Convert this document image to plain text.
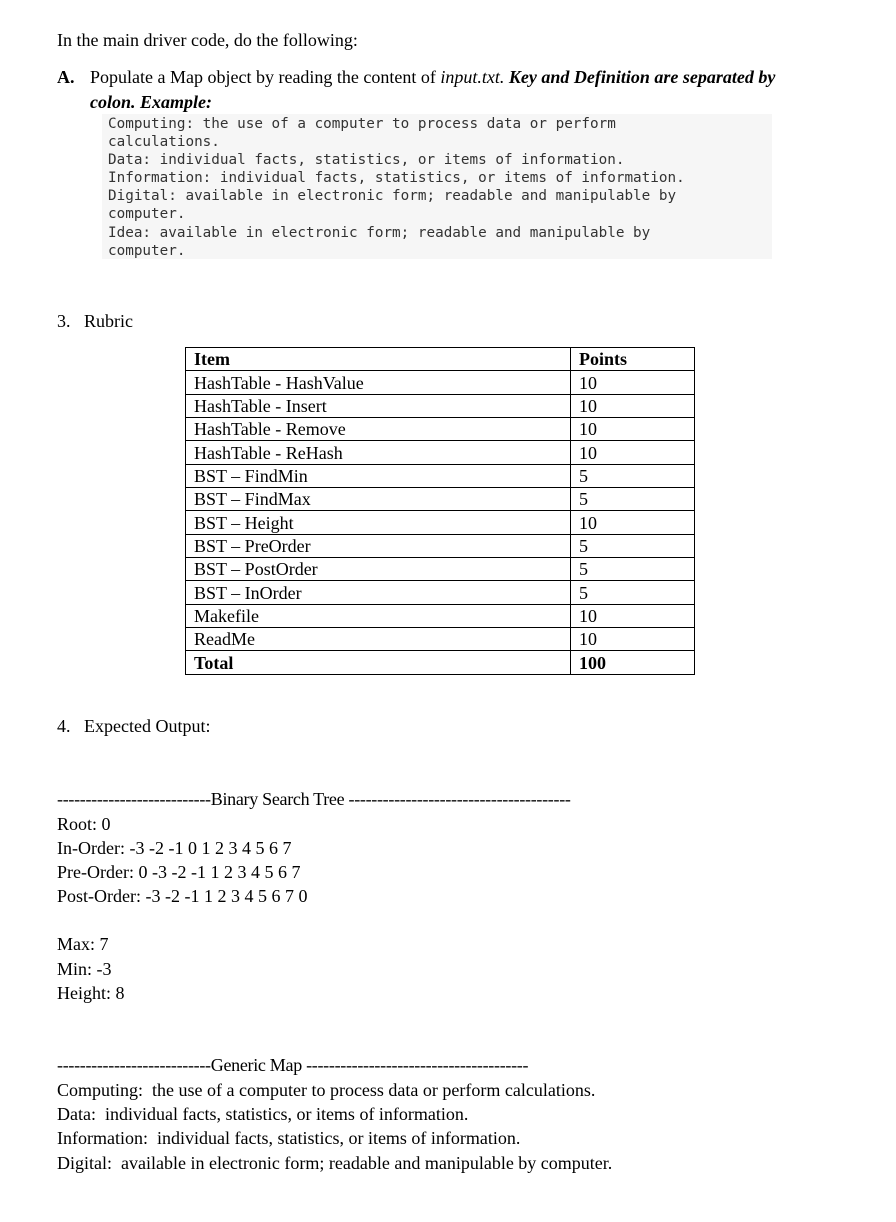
In the main driver code, do the following:
A. Populate a Map object by reading the content of input.txt. Key and Definition are separated by
colon. Example:
Computing: the use of a computer to process data or perform
calculations.
Data: individual facts, statistics, or items of information.
Information: individual facts, statistics, or items of information.
Digital: available in electronic form; readable and manipulable by
computer.
Idea: available in electronic form; readable and manipulable by
computer.
3. Rubric
Item	Points
HashTable - HashValue	10
HashTable - Insert	10
HashTable - Remove	10
HashTable - ReHash	10
BST – FindMin	5
BST – FindMax	5
BST – Height	10
BST – PreOrder	5
BST – PostOrder	5
BST – InOrder	5
Makefile	10
ReadMe	10
Total	100
4. Expected Output:
---------------------------Binary Search Tree ---------------------------------------
Root: 0
In-Order: -3 -2 -1 0 1 2 3 4 5 6 7
Pre-Order: 0 -3 -2 -1 1 2 3 4 5 6 7
Post-Order: -3 -2 -1 1 2 3 4 5 6 7 0
Max: 7
Min: -3
Height: 8
---------------------------Generic Map ---------------------------------------
Computing:  the use of a computer to process data or perform calculations.
Data:  individual facts, statistics, or items of information.
Information:  individual facts, statistics, or items of information.
Digital:  available in electronic form; readable and manipulable by computer.
